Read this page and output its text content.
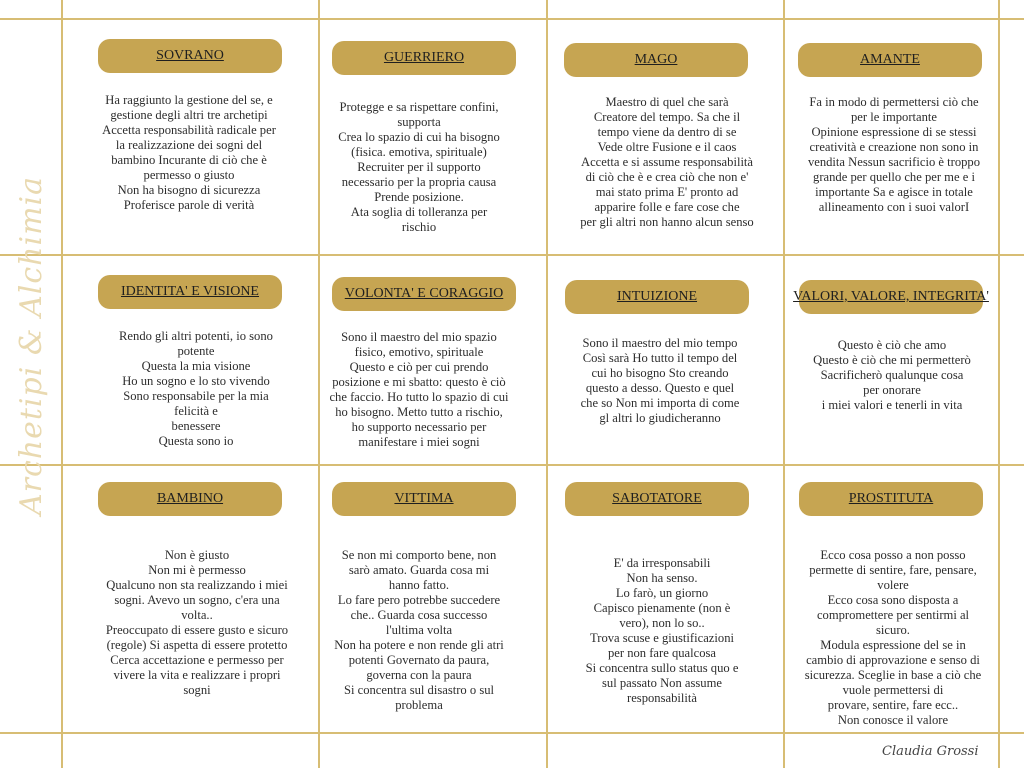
Archetipi & Alchimia
SOVRANO
Ha raggiunto la gestione del se, e
gestione degli altri tre archetipi
Accetta responsabilità radicale per
la realizzazione dei sogni del
bambino Incurante di ciò che è
permesso o giusto
Non ha bisogno di sicurezza
Proferisce parole di verità
GUERRIERO
Protegge e sa rispettare confini,
supporta
Crea lo spazio di cui ha bisogno
(fisica. emotiva, spirituale)
Recruiter per il supporto
necessario per la propria causa
Prende posizione.
Ata soglia di tolleranza per
rischio
MAGO
Maestro di quel che sarà
Creatore del tempo. Sa che il
tempo viene da dentro di se
Vede oltre Fusione e il caos
Accetta e si assume responsabilità
di ciò che è e crea ciò che non e'
mai stato prima E' pronto ad
apparire folle e fare cose che
per gli altri non hanno alcun senso
AMANTE
Fa in modo di permettersi ciò che
per le importante
Opinione espressione di se stessi
creatività e creazione non sono in
vendita Nessun sacrificio è troppo
grande per quello che per me e i
importante Sa e agisce in totale
allineamento con i suoi valorI
IDENTITA' E VISIONE
Rendo gli altri potenti, io sono
potente
Questa la mia visione
Ho un sogno e lo sto vivendo
Sono responsabile per la mia
felicità e
benessere
Questa sono io
VOLONTA' E CORAGGIO
Sono il maestro del mio spazio
fisico, emotivo, spirituale
Questo e ciò per cui prendo
posizione e mi sbatto: questo è ciò
che faccio. Ho tutto lo spazio di cui
ho bisogno. Metto tutto a rischio,
ho supporto necessario per
manifestare i miei sogni
INTUIZIONE
Sono il maestro del mio tempo
Così sarà Ho tutto il tempo del
cui ho bisogno Sto creando
questo a desso. Questo e quel
che so Non mi importa di come
gl altri lo giudicheranno
VALORI, VALORE, INTEGRITA'
Questo è ciò che amo
Questo è ciò che mi permetterò
Sacrificherò qualunque cosa
per onorare
i miei valori e tenerli in vita
BAMBINO
Non è giusto
Non mi è permesso
Qualcuno non sta realizzando i miei
sogni. Avevo un sogno, c'era una
volta..
Preoccupato di essere gusto e sicuro
(regole) Si aspetta di essere protetto
Cerca accettazione e permesso per
vivere la vita e realizzare i propri
sogni
VITTIMA
Se non mi comporto bene, non
sarò amato. Guarda cosa mi
hanno fatto.
Lo fare pero potrebbe succedere
che.. Guarda cosa successo
l'ultima volta
Non ha potere e non rende gli atri
potenti Governato da paura,
governa con la paura
Si concentra sul disastro o sul
problema
SABOTATORE
E' da irresponsabili
Non ha senso.
Lo farò, un giorno
Capisco pienamente (non è
vero), non lo so..
Trova scuse e giustificazioni
per non fare qualcosa
Si concentra sullo status quo e
sul passato Non assume
responsabilità
PROSTITUTA
Ecco cosa posso a non posso
permette di sentire, fare, pensare,
volere
Ecco cosa sono disposta a
compromettere per sentirmi al
sicuro.
Modula espressione del se in
cambio di approvazione e senso di
sicurezza. Sceglie in base a ciò che
vuole permettersi di
provare, sentire, fare ecc..
Non conosce il valore
Claudia Grossi
